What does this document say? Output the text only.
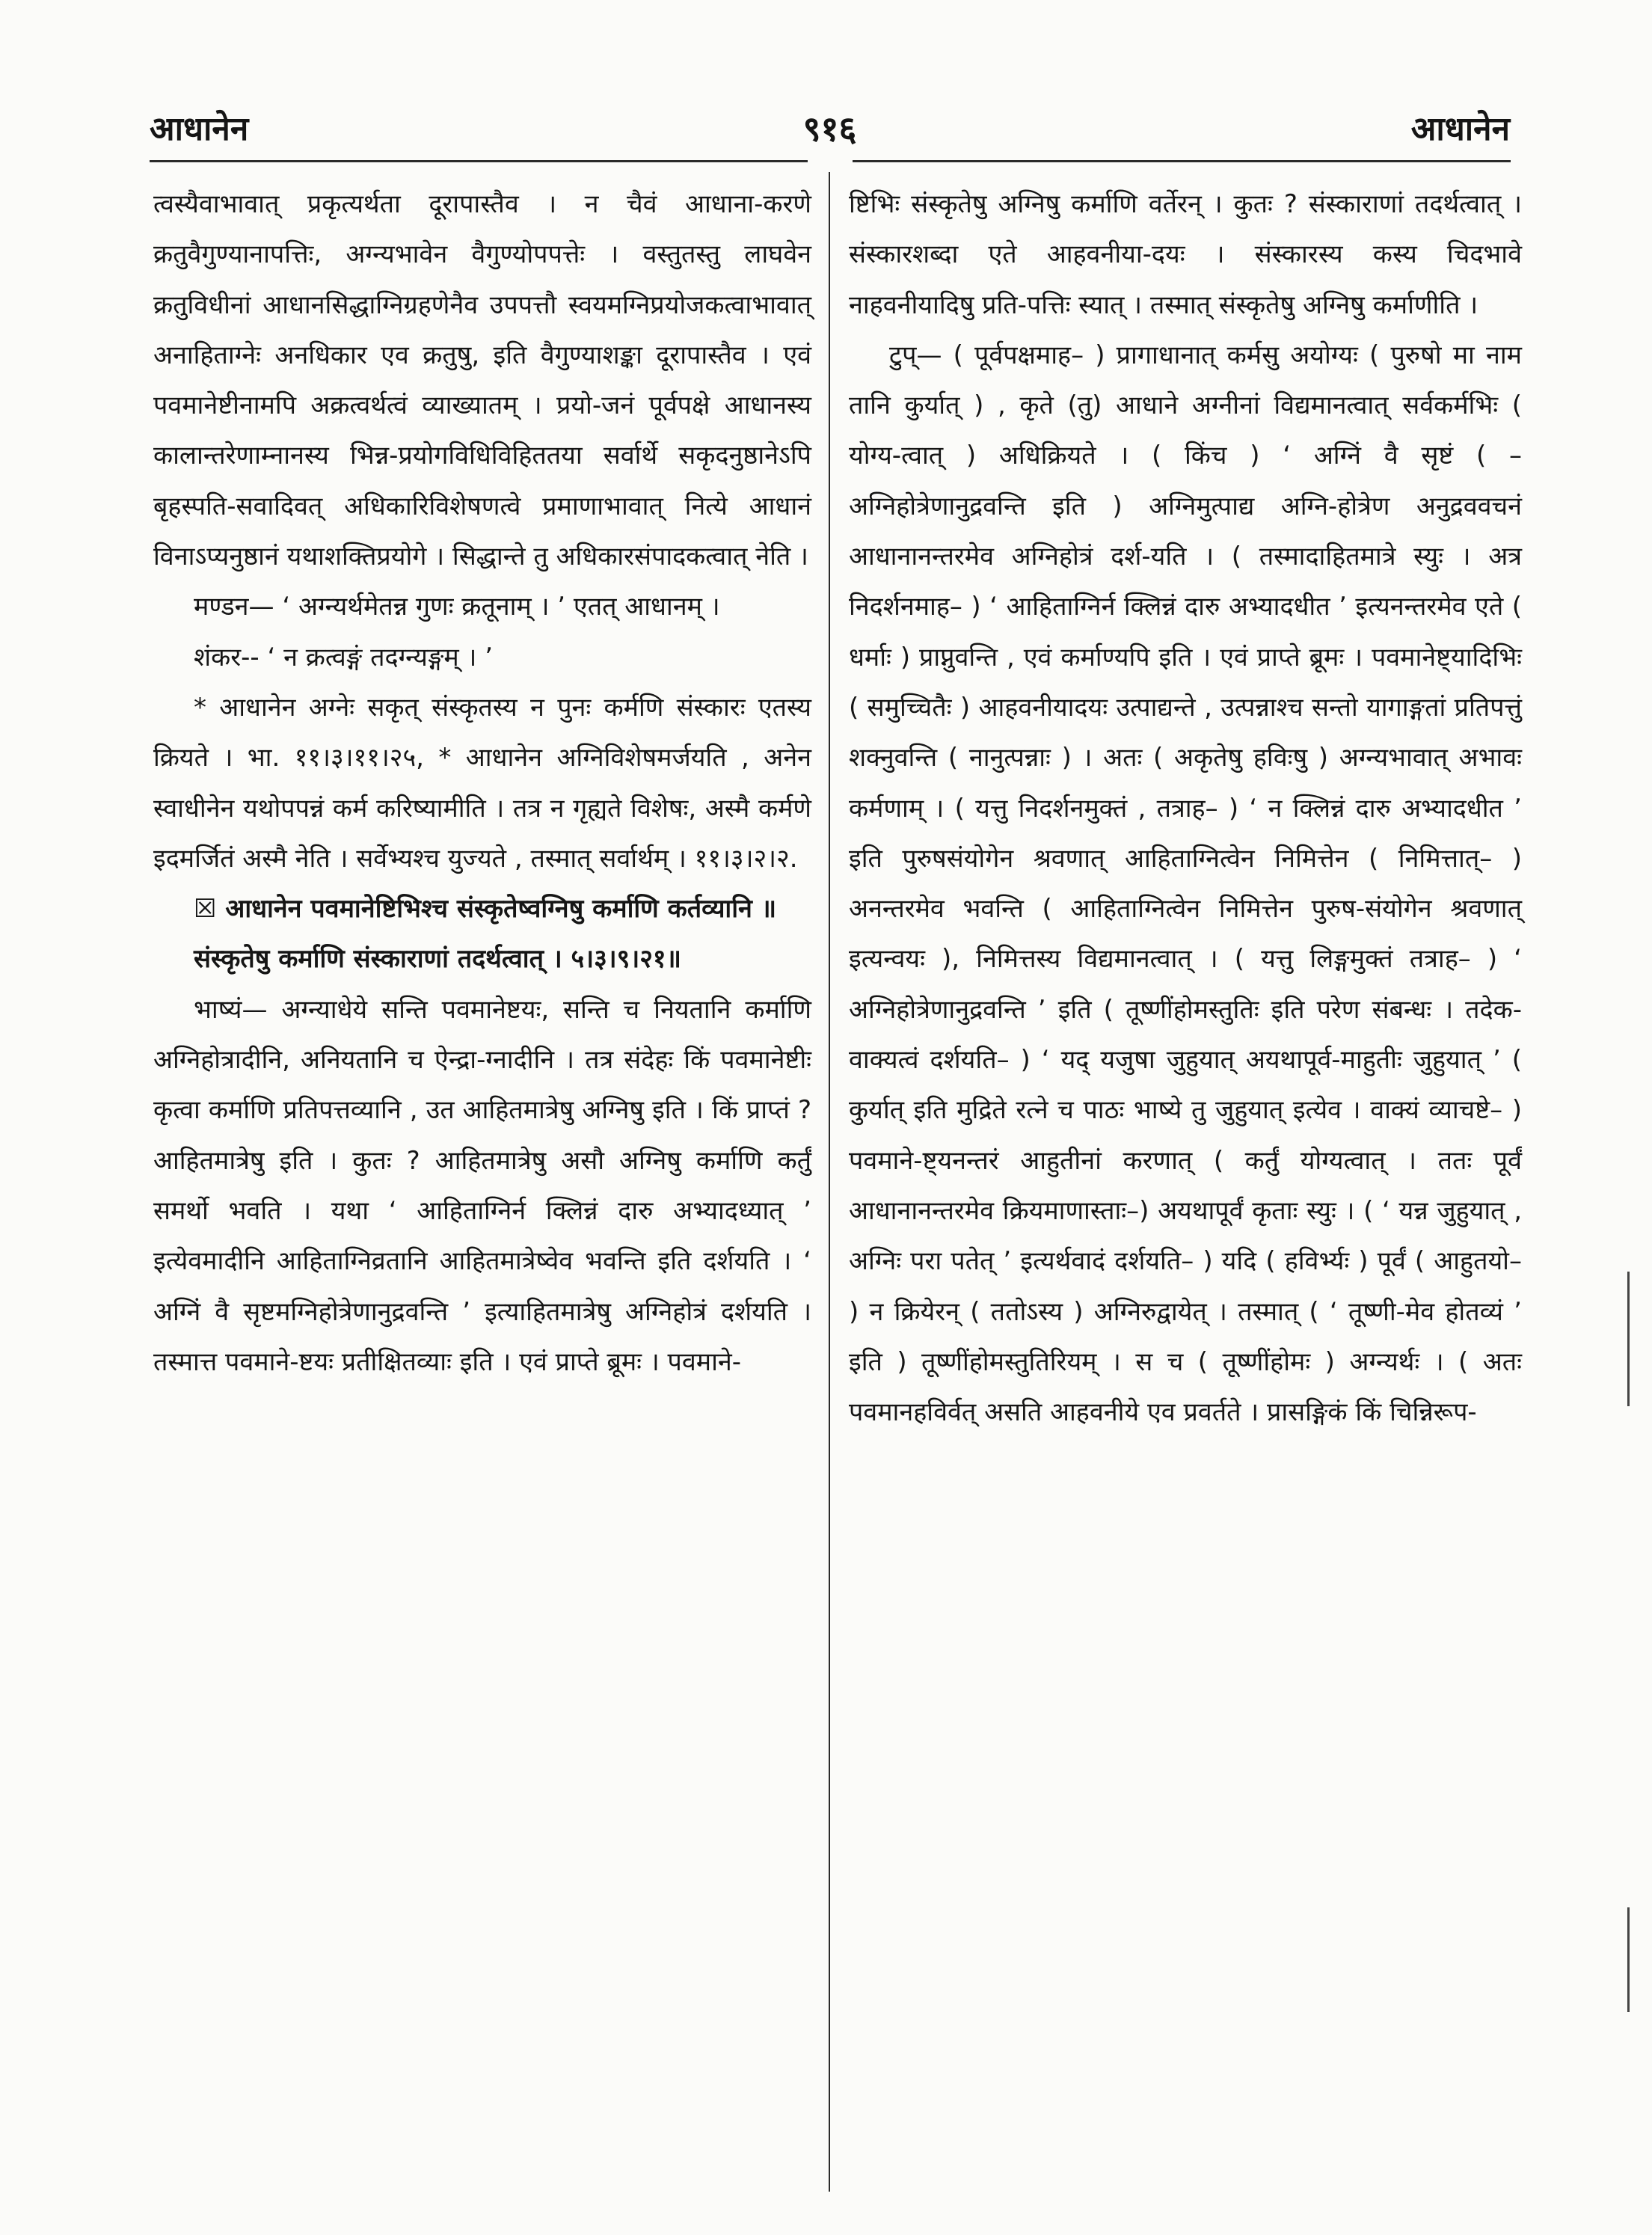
आधानेन	९१६	आधानेन

त्वस्यैवाभावात् प्रकृत्यर्थता दूरापास्तैव । न चैवं आधाना-करणे क्रतुवैगुण्यानापत्तिः, अग्न्यभावेन वैगुण्योपपत्तेः । वस्तुतस्तु लाघवेन क्रतुविधीनां आधानसिद्धाग्निग्रहणेनैव उपपत्तौ स्वयमग्निप्रयोजकत्वाभावात् अनाहिताग्नेः अनधिकार एव क्रतुषु, इति वैगुण्याशङ्का दूरापास्तैव । एवं पवमानेष्टीनामपि अक्रत्वर्थत्वं व्याख्यातम् । प्रयो-जनं पूर्वपक्षे आधानस्य कालान्तरेणाम्नानस्य भिन्न-प्रयोगविधिविहिततया सर्वार्थे सकृदनुष्ठानेऽपि बृहस्पति-सवादिवत् अधिकारिविशेषणत्वे प्रमाणाभावात् नित्ये आधानं विनाऽप्यनुष्ठानं यथाशक्तिप्रयोगे । सिद्धान्ते तु अधिकारसंपादकत्वात् नेति ।

मण्डन— ‘ अग्न्यर्थमेतन्न गुणः क्रतूनाम् । ’ एतत् आधानम् ।

शंकर-- ‘ न क्रत्वङ्गं तदग्न्यङ्गम् । ’

* आधानेन अग्नेः सकृत् संस्कृतस्य न पुनः कर्मणि संस्कारः एतस्य क्रियते । भा. ११।३।११।२५, * आधानेन अग्निविशेषमर्जयति , अनेन स्वाधीनेन यथोपपन्नं कर्म करिष्यामीति । तत्र न गृह्यते विशेषः, अस्मै कर्मणे इदमर्जितं अस्मै नेति । सर्वेभ्यश्च युज्यते , तस्मात् सर्वार्थम् । ११।३।२।२.

☒ आधानेन पवमानेष्टिभिश्च संस्कृतेष्वग्निषु कर्माणि कर्तव्यानि ॥

संस्कृतेषु कर्माणि संस्काराणां तदर्थत्वात् । ५।३।९।२१॥

भाष्यं— अग्न्याधेये सन्ति पवमानेष्टयः, सन्ति च नियतानि कर्माणि अग्निहोत्रादीनि, अनियतानि च ऐन्द्रा-ग्नादीनि । तत्र संदेहः किं पवमानेष्टीः कृत्वा कर्माणि प्रतिपत्तव्यानि , उत आहितमात्रेषु अग्निषु इति । किं प्राप्तं ? आहितमात्रेषु इति । कुतः ? आहितमात्रेषु असौ अग्निषु कर्माणि कर्तुं समर्थो भवति । यथा ‘ आहिताग्निर्न क्लिन्नं दारु अभ्यादध्यात् ’ इत्येवमादीनि आहिताग्निव्रतानि आहितमात्रेष्वेव भवन्ति इति दर्शयति । ‘ अग्निं वै सृष्टमग्निहोत्रेणानुद्रवन्ति ’ इत्याहितमात्रेषु अग्निहोत्रं दर्शयति । तस्मात्त पवमाने-ष्टयः प्रतीक्षितव्याः इति । एवं प्राप्ते ब्रूमः । पवमाने-

ष्टिभिः संस्कृतेषु अग्निषु कर्माणि वर्तेरन् । कुतः ? संस्काराणां तदर्थत्वात् । संस्कारशब्दा एते आहवनीया-दयः । संस्कारस्य कस्य चिदभावे नाहवनीयादिषु प्रति-पत्तिः स्यात् । तस्मात् संस्कृतेषु अग्निषु कर्माणीति ।

टुप्— ( पूर्वपक्षमाह– ) प्रागाधानात् कर्मसु अयोग्यः ( पुरुषो मा नाम तानि कुर्यात् ) , कृते (तु) आधाने अग्नीनां विद्यमानत्वात् सर्वकर्मभिः ( योग्य-त्वात् ) अधिक्रियते । ( किंच ) ‘ अग्निं वै सृष्टं ( – अग्निहोत्रेणानुद्रवन्ति इति ) अग्निमुत्पाद्य अग्नि-होत्रेण अनुद्रववचनं आधानानन्तरमेव अग्निहोत्रं दर्श-यति । ( तस्मादाहितमात्रे स्युः । अत्र निदर्शनमाह– ) ‘ आहिताग्निर्न क्लिन्नं दारु अभ्यादधीत ’ इत्यनन्तरमेव एते ( धर्माः ) प्राप्नुवन्ति , एवं कर्माण्यपि इति । एवं प्राप्ते ब्रूमः । पवमानेष्ट्यादिभिः ( समुच्चितैः ) आहवनीयादयः उत्पाद्यन्ते , उत्पन्नाश्च सन्तो यागाङ्गतां प्रतिपत्तुं शक्नुवन्ति ( नानुत्पन्नाः ) । अतः ( अकृतेषु हविःषु ) अग्न्यभावात् अभावः कर्मणाम् । ( यत्तु निदर्शनमुक्तं , तत्राह– ) ‘ न क्लिन्नं दारु अभ्यादधीत ’ इति पुरुषसंयोगेन श्रवणात् आहिताग्नित्वेन निमित्तेन ( निमित्तात्– ) अनन्तरमेव भवन्ति ( आहिताग्नित्वेन निमित्तेन पुरुष-संयोगेन श्रवणात् इत्यन्वयः ), निमित्तस्य विद्यमानत्वात् । ( यत्तु लिङ्गमुक्तं तत्राह– ) ‘ अग्निहोत्रेणानुद्रवन्ति ’ इति ( तूष्णींहोमस्तुतिः इति परेण संबन्धः । तदेक-वाक्यत्वं दर्शयति– ) ‘ यद् यजुषा जुहुयात् अयथापूर्व-माहुतीः जुहुयात् ’ ( कुर्यात् इति मुद्रिते रत्ने च पाठः भाष्ये तु जुहुयात् इत्येव । वाक्यं व्याचष्टे– ) पवमाने-ष्ट्यनन्तरं आहुतीनां करणात् ( कर्तुं योग्यत्वात् । ततः पूर्वं आधानानन्तरमेव क्रियमाणास्ताः–) अयथापूर्वं कृताः स्युः । ( ‘ यन्न जुहुयात् , अग्निः परा पतेत् ’ इत्यर्थवादं दर्शयति– ) यदि ( हविर्भ्यः ) पूर्वं ( आहुतयो– ) न क्रियेरन् ( ततोऽस्य ) अग्निरुद्वायेत् । तस्मात् ( ‘ तूष्णी-मेव होतव्यं ’ इति ) तूष्णींहोमस्तुतिरियम् । स च ( तूष्णींहोमः ) अग्न्यर्थः । ( अतः पवमानहविर्वत् असति आहवनीये एव प्रवर्तते । प्रासङ्गिकं किं चिन्निरूप-
